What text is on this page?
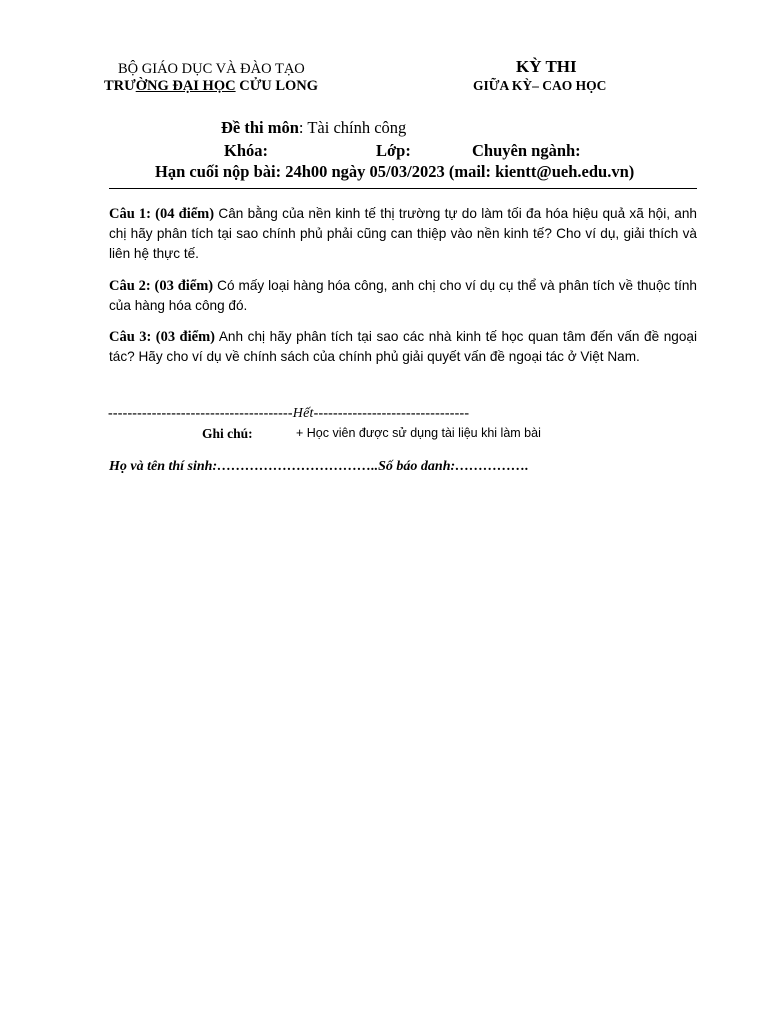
BỘ GIÁO DỤC VÀ ĐÀO TẠO
TRƯỜNG ĐẠI HỌC CỬU LONG
KỲ THI
GIỮA KỲ– CAO HỌC
Đề thi môn: Tài chính công
Khóa:	Lớp:	Chuyên ngành:
Hạn cuối nộp bài: 24h00 ngày 05/03/2023 (mail: kientt@ueh.edu.vn)
Câu 1: (04 điểm) Cân bằng của nền kinh tế thị trường tự do làm tối đa hóa hiệu quả xã hội, anh chị hãy phân tích tại sao chính phủ phải cũng can thiệp vào nền kinh tế? Cho ví dụ, giải thích và liên hệ thực tế.
Câu 2: (03 điểm) Có mấy loại hàng hóa công, anh chị cho ví dụ cụ thể và phân tích về thuộc tính của hàng hóa công đó.
Câu 3: (03 điểm) Anh chị hãy phân tích tại sao các nhà kinh tế học quan tâm đến vấn đề ngoại tác? Hãy cho ví dụ về chính sách của chính phủ giải quyết vấn đề ngoại tác ở Việt Nam.
--------------------------------------Hết--------------------------------
Ghi chú:	+ Học viên được sử dụng tài liệu khi làm bài
Họ và tên thí sinh:……………………………..Số báo danh:…………….
